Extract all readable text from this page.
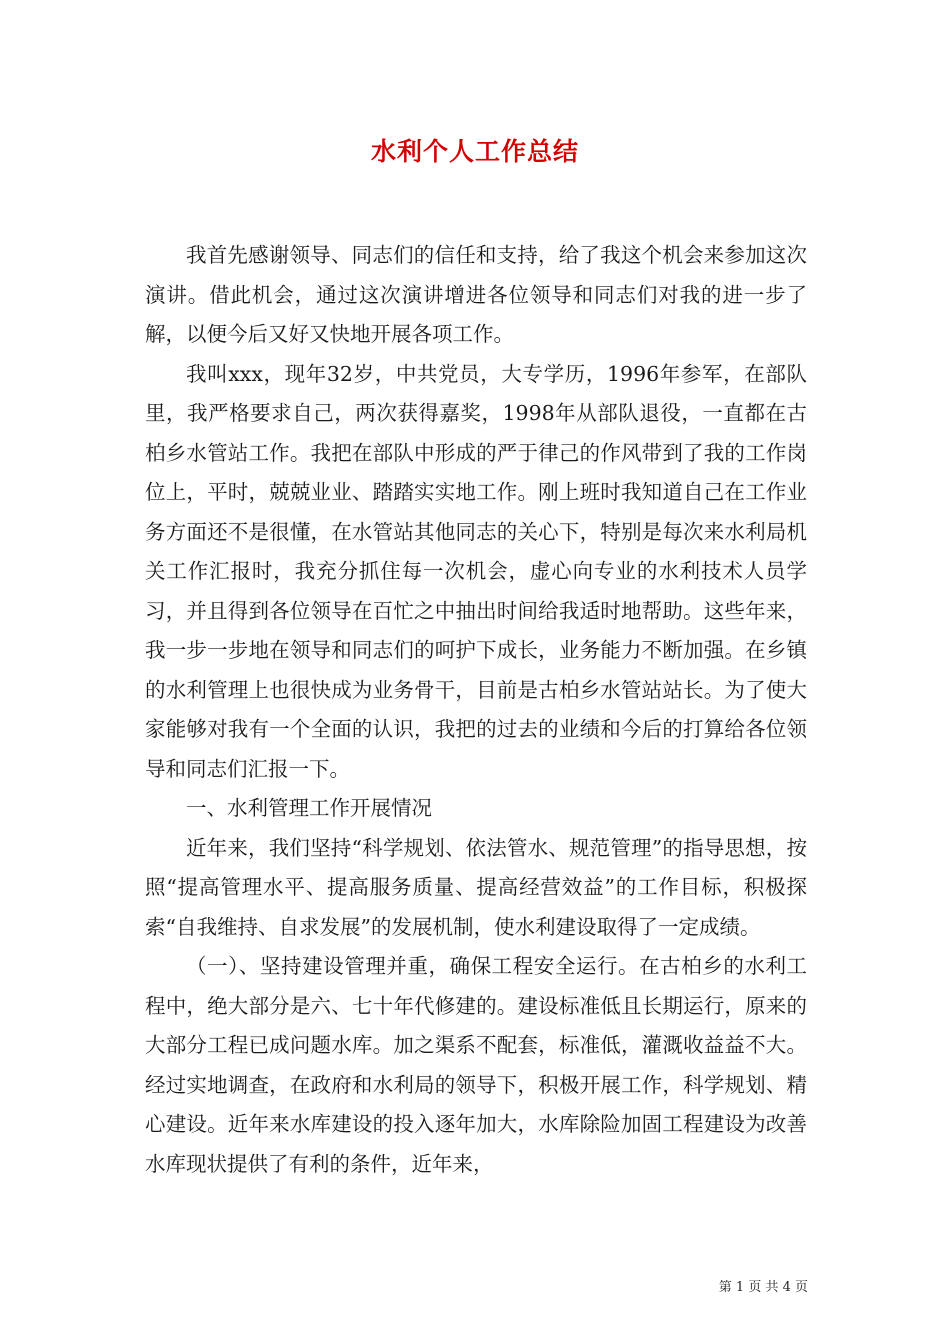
水利个人工作总结

我首先感谢领导、同志们的信任和支持，给了我这个机会来参加这次演讲。借此机会，通过这次演讲增进各位领导和同志们对我的进一步了解，以便今后又好又快地开展各项工作。

我叫xxx，现年32岁，中共党员，大专学历，1996年参军，在部队里，我严格要求自己，两次获得嘉奖，1998年从部队退役，一直都在古柏乡水管站工作。我把在部队中形成的严于律己的作风带到了我的工作岗位上，平时，兢兢业业、踏踏实实地工作。刚上班时我知道自己在工作业务方面还不是很懂，在水管站其他同志的关心下，特别是每次来水利局机关工作汇报时，我充分抓住每一次机会，虚心向专业的水利技术人员学习，并且得到各位领导在百忙之中抽出时间给我适时地帮助。这些年来，我一步一步地在领导和同志们的呵护下成长，业务能力不断加强。在乡镇的水利管理上也很快成为业务骨干，目前是古柏乡水管站站长。为了使大家能够对我有一个全面的认识，我把的过去的业绩和今后的打算给各位领导和同志们汇报一下。

一、水利管理工作开展情况

近年来，我们坚持“科学规划、依法管水、规范管理”的指导思想，按照“提高管理水平、提高服务质量、提高经营效益”的工作目标，积极探索“自我维持、自求发展”的发展机制，使水利建设取得了一定成绩。

（一）、坚持建设管理并重，确保工程安全运行。在古柏乡的水利工程中，绝大部分是六、七十年代修建的。建设标准低且长期运行，原来的大部分工程已成问题水库。加之渠系不配套，标准低，灌溉收益益不大。经过实地调查，在政府和水利局的领导下，积极开展工作，科学规划、精心建设。近年来水库建设的投入逐年加大，水库除险加固工程建设为改善水库现状提供了有利的条件，近年来，

第 1 页 共 4 页
